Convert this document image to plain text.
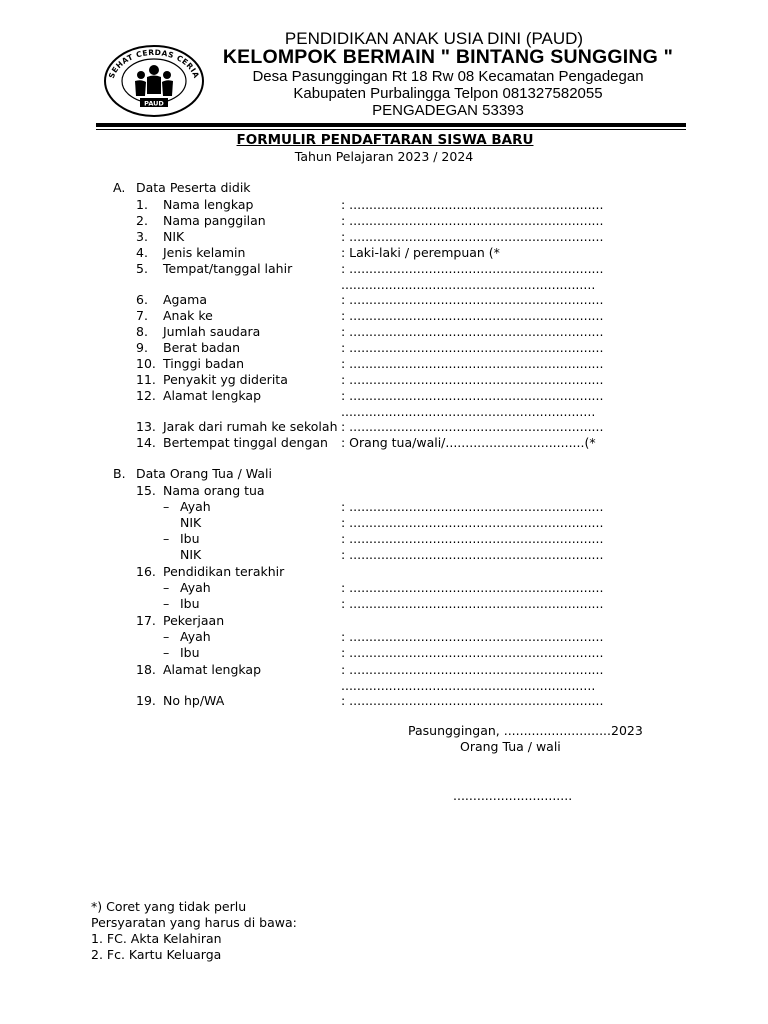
SEHAT CERDAS CERIA
PAUD
PENDIDIKAN ANAK USIA DINI (PAUD)
KELOMPOK BERMAIN " BINTANG SUNGGING "
Desa Pasunggingan Rt 18 Rw 08 Kecamatan Pengadegan
Kabupaten Purbalingga Telpon 081327582055
PENGADEGAN 53393
FORMULIR PENDAFTARAN SISWA BARU
Tahun Pelajaran 2023 / 2024
A. Data Peserta didik
1. Nama lengkap	: ................................................................
2. Nama panggilan	: ................................................................
3. NIK	: ................................................................
4. Jenis kelamin	: Laki-laki / perempuan (*
5. Tempat/tanggal lahir	: ................................................................
................................................................
6. Agama	: ................................................................
7. Anak ke	: ................................................................
8. Jumlah saudara	: ................................................................
9. Berat badan	: ................................................................
10. Tinggi badan	: ................................................................
11. Penyakit yg diderita	: ................................................................
12. Alamat lengkap	: ................................................................
................................................................
13. Jarak dari rumah ke sekolah : ................................................................
14. Bertempat tinggal dengan : Orang tua/wali/...................................(*
B. Data Orang Tua / Wali
15. Nama orang tua
– Ayah	: ................................................................
NIK	: ................................................................
– Ibu	: ................................................................
NIK	: ................................................................
16. Pendidikan terakhir
– Ayah	: ................................................................
– Ibu	: ................................................................
17. Pekerjaan
– Ayah	: ................................................................
– Ibu	: ................................................................
18. Alamat lengkap	: ................................................................
................................................................
19. No hp/WA	: ................................................................
Pasunggingan, ...........................2023
Orang Tua / wali
..............................
*) Coret yang tidak perlu
Persyaratan yang harus di bawa:
1. FC. Akta Kelahiran
2. Fc. Kartu Keluarga
